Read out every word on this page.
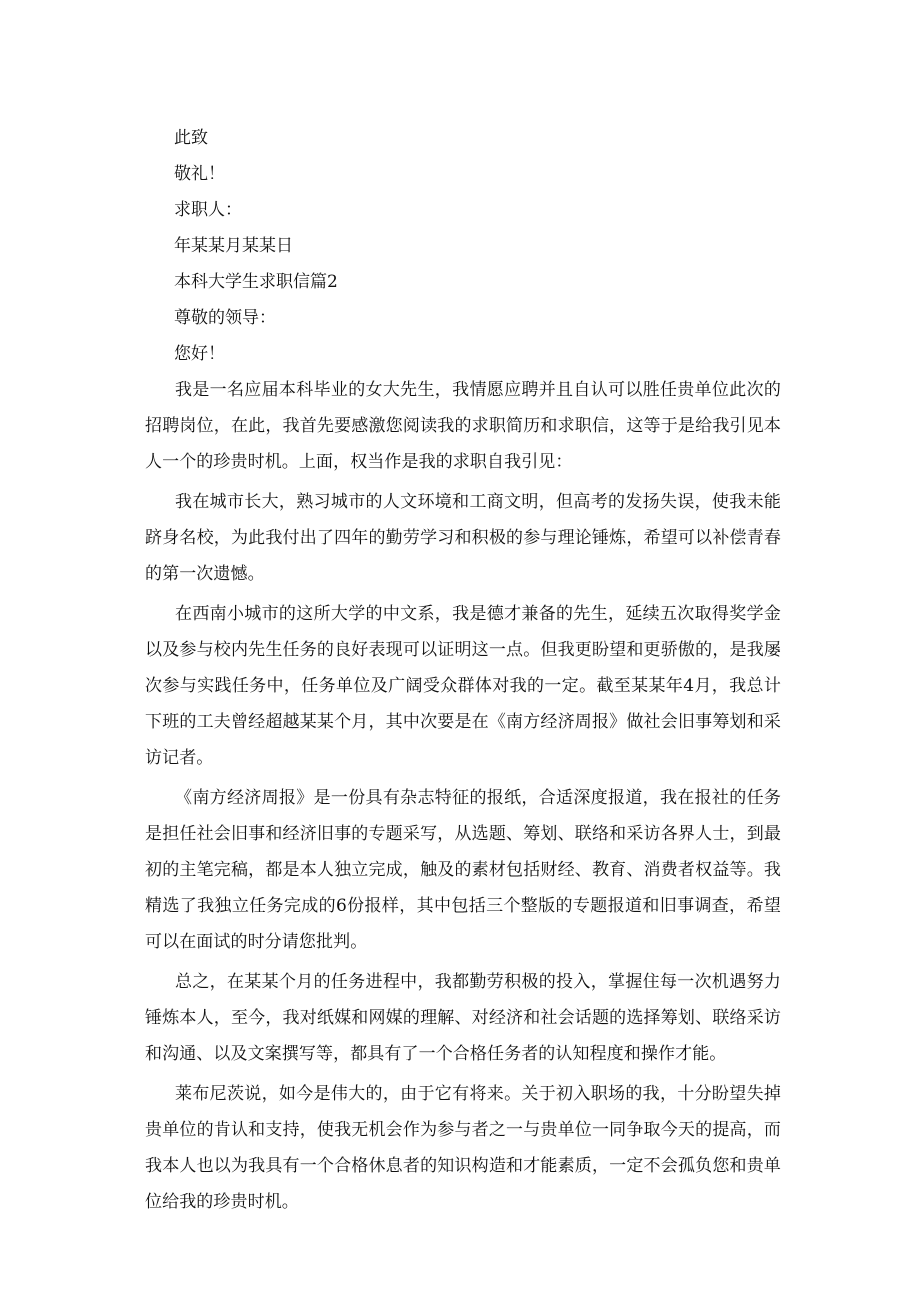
此致
敬礼！
求职人：
年某某月某某日
本科大学生求职信篇2
尊敬的领导：
您好！

我是一名应届本科毕业的女大先生，我情愿应聘并且自认可以胜任贵单位此次的招聘岗位，在此，我首先要感激您阅读我的求职简历和求职信，这等于是给我引见本人一个的珍贵时机。上面，权当作是我的求职自我引见：

我在城市长大，熟习城市的人文环境和工商文明，但高考的发扬失误，使我未能跻身名校，为此我付出了四年的勤劳学习和积极的参与理论锤炼，希望可以补偿青春的第一次遗憾。

在西南小城市的这所大学的中文系，我是德才兼备的先生，延续五次取得奖学金以及参与校内先生任务的良好表现可以证明这一点。但我更盼望和更骄傲的，是我屡次参与实践任务中，任务单位及广阔受众群体对我的一定。截至某某年4月，我总计下班的工夫曾经超越某某个月，其中次要是在《南方经济周报》做社会旧事筹划和采访记者。

《南方经济周报》是一份具有杂志特征的报纸，合适深度报道，我在报社的任务是担任社会旧事和经济旧事的专题采写，从选题、筹划、联络和采访各界人士，到最初的主笔完稿，都是本人独立完成，触及的素材包括财经、教育、消费者权益等。我精选了我独立任务完成的6份报样，其中包括三个整版的专题报道和旧事调查，希望可以在面试的时分请您批判。

总之，在某某个月的任务进程中，我都勤劳积极的投入，掌握住每一次机遇努力锤炼本人，至今，我对纸媒和网媒的理解、对经济和社会话题的选择筹划、联络采访和沟通、以及文案撰写等，都具有了一个合格任务者的认知程度和操作才能。

莱布尼茨说，如今是伟大的，由于它有将来。关于初入职场的我，十分盼望失掉贵单位的肯认和支持，使我无机会作为参与者之一与贵单位一同争取今天的提高，而我本人也以为我具有一个合格休息者的知识构造和才能素质，一定不会孤负您和贵单位给我的珍贵时机。
